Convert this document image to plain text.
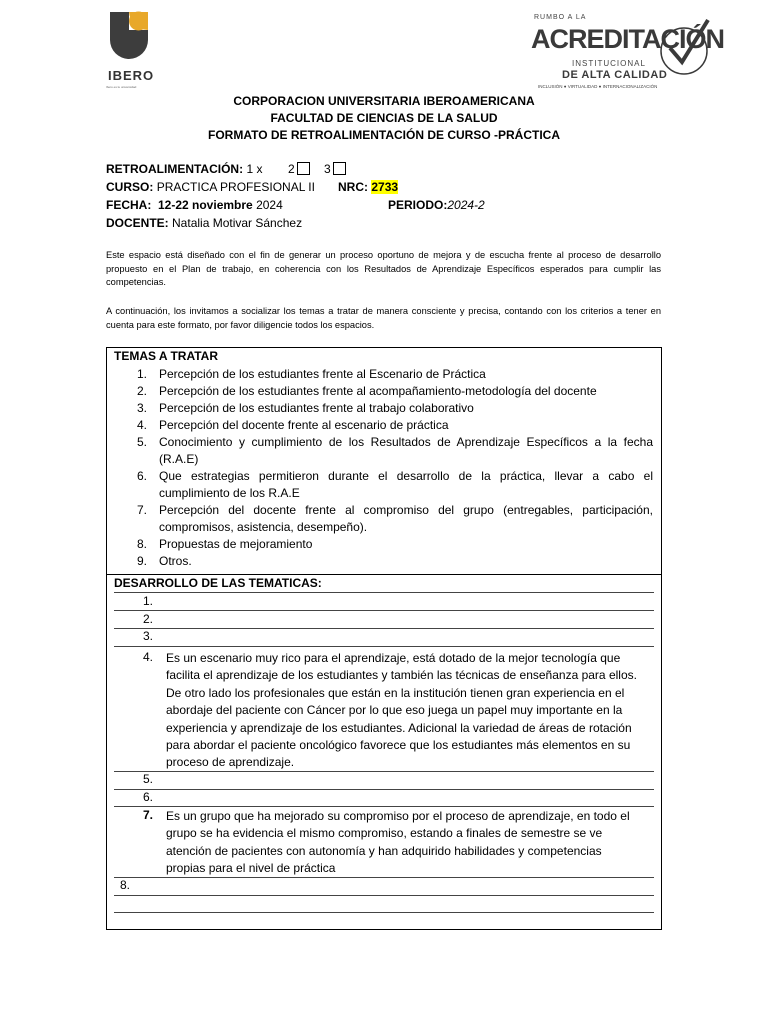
IBERO
Ibero es tu universidad
RUMBO A LA
ACREDITACIÓN
INSTITUCIONAL
DE ALTA CALIDAD
INCLUSIÓN ● VIRTUALIDAD ● INTERNACIONALIZACIÓN
CORPORACION UNIVERSITARIA IBEROAMERICANA
FACULTAD DE CIENCIAS DE LA SALUD
FORMATO DE RETROALIMENTACIÓN DE CURSO -PRÁCTICA
RETROALIMENTACIÓN: 1 x 2	3
CURSO: PRACTICA PROFESIONAL II NRC: 2733
FECHA: 12-22 noviembre 2024	PERIODO:2024-2
DOCENTE: Natalia Motivar Sánchez

Este espacio está diseñado con el fin de generar un proceso oportuno de mejora y de escucha frente al proceso de desarrollo propuesto en el Plan de trabajo, en coherencia con los Resultados de Aprendizaje Específicos esperados para cumplir las competencias.

A continuación, los invitamos a socializar los temas a tratar de manera consciente y precisa, contando con los criterios a tener en cuenta para este formato, por favor diligencie todos los espacios.

TEMAS A TRATAR
1. Percepción de los estudiantes frente al Escenario de Práctica
2. Percepción de los estudiantes frente al acompañamiento-metodología del docente
3. Percepción de los estudiantes frente al trabajo colaborativo
4. Percepción del docente frente al escenario de práctica
5. Conocimiento y cumplimiento de los Resultados de Aprendizaje Específicos a la fecha (R.A.E)
6. Que estrategias permitieron durante el desarrollo de la práctica, llevar a cabo el cumplimiento de los R.A.E
7. Percepción del docente frente al compromiso del grupo (entregables, participación, compromisos, asistencia, desempeño).
8. Propuestas de mejoramiento
9. Otros.
DESARROLLO DE LAS TEMATICAS:
1.
2.
3.
4. Es un escenario muy rico para el aprendizaje, está dotado de la mejor tecnología que facilita el aprendizaje de los estudiantes y también las técnicas de enseñanza para ellos. De otro lado los profesionales que están en la institución tienen gran experiencia en el abordaje del paciente con Cáncer por lo que eso juega un papel muy importante en la experiencia y aprendizaje de los estudiantes. Adicional la variedad de áreas de rotación para abordar el paciente oncológico favorece que los estudiantes más elementos en su proceso de aprendizaje.
5.
6.
7. Es un grupo que ha mejorado su compromiso por el proceso de aprendizaje, en todo el grupo se ha evidencia el mismo compromiso, estando a finales de semestre se ve atención de pacientes con autonomía y han adquirido habilidades y competencias propias para el nivel de práctica
8.
